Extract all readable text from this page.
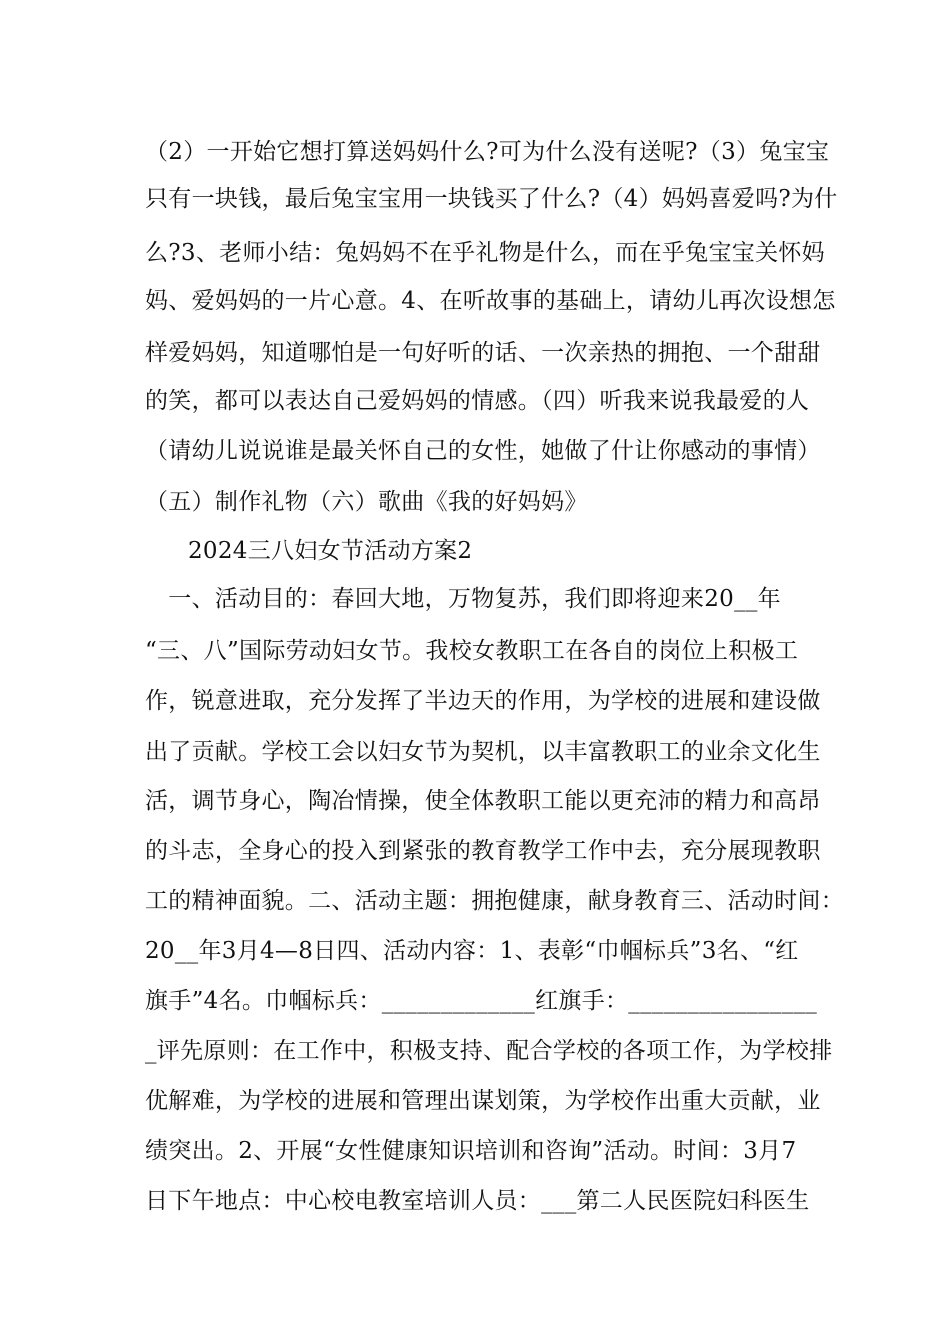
（2）一开始它想打算送妈妈什么?可为什么没有送呢?（3）兔宝宝
只有一块钱，最后兔宝宝用一块钱买了什么?（4）妈妈喜爱吗?为什
么?3、老师小结：兔妈妈不在乎礼物是什么，而在乎兔宝宝关怀妈
妈、爱妈妈的一片心意。4、在听故事的基础上，请幼儿再次设想怎
样爱妈妈，知道哪怕是一句好听的话、一次亲热的拥抱、一个甜甜
的笑，都可以表达自己爱妈妈的情感。（四）听我来说我最爱的人
（请幼儿说说谁是最关怀自己的女性，她做了什让你感动的事情）
（五）制作礼物（六）歌曲《我的好妈妈》
2024三八妇女节活动方案2
　一、活动目的：春回大地，万物复苏，我们即将迎来20__年
“三、八”国际劳动妇女节。我校女教职工在各自的岗位上积极工
作，锐意进取，充分发挥了半边天的作用，为学校的进展和建设做
出了贡献。学校工会以妇女节为契机，以丰富教职工的业余文化生
活，调节身心，陶冶情操，使全体教职工能以更充沛的精力和高昂
的斗志，全身心的投入到紧张的教育教学工作中去，充分展现教职
工的精神面貌。二、活动主题：拥抱健康，献身教育三、活动时间：
20__年3月4—8日四、活动内容：1、表彰“巾帼标兵”3名、“红
旗手”4名。巾帼标兵：_____________红旗手：________________
_评先原则：在工作中，积极支持、配合学校的各项工作，为学校排
优解难，为学校的进展和管理出谋划策，为学校作出重大贡献，业
绩突出。2、开展“女性健康知识培训和咨询”活动。时间：3月7
日下午地点：中心校电教室培训人员：___第二人民医院妇科医生
